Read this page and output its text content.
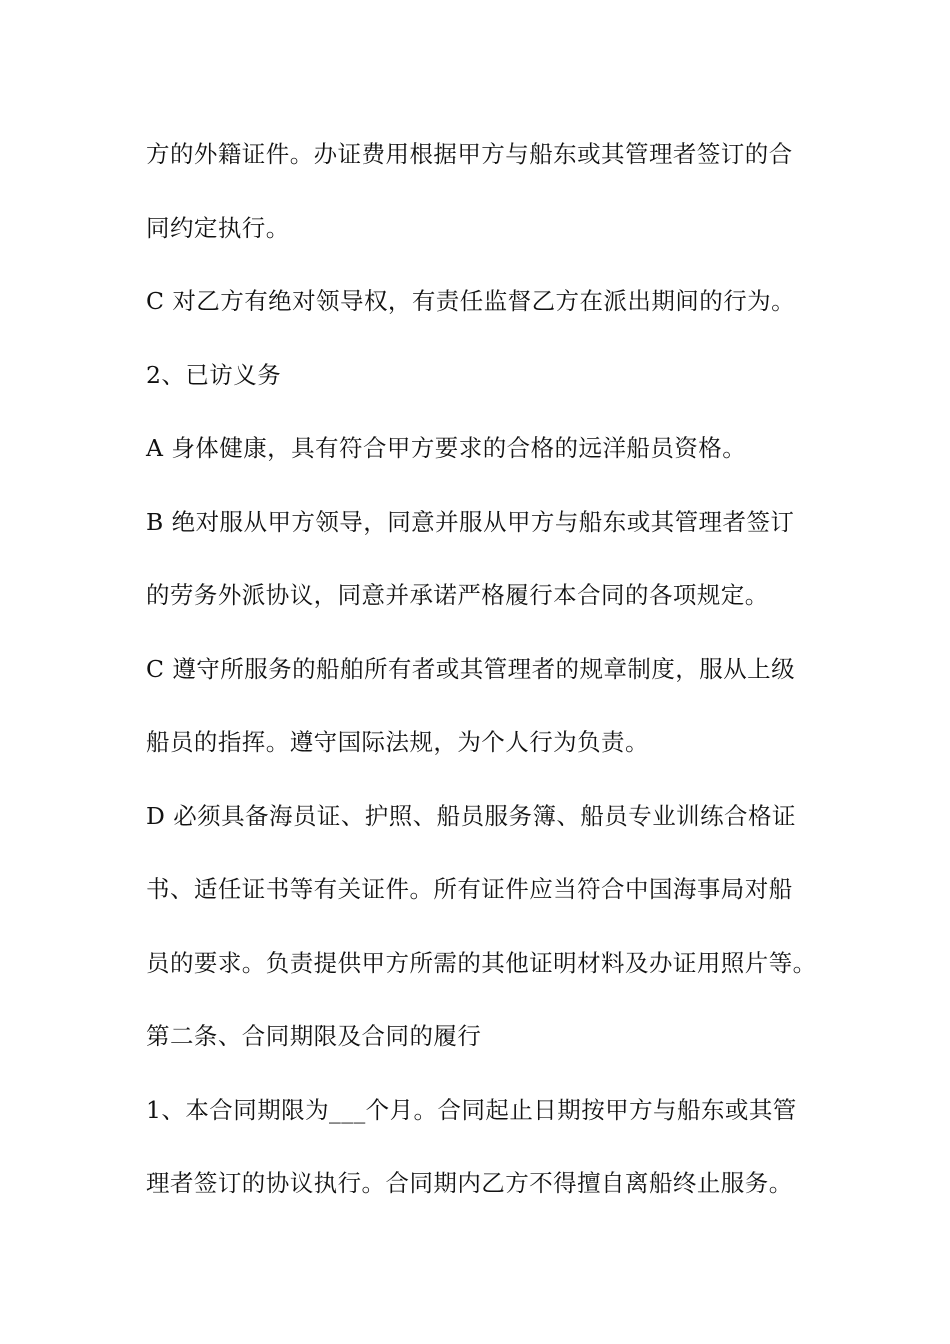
方的外籍证件。办证费用根据甲方与船东或其管理者签订的合

同约定执行。

C 对乙方有绝对领导权，有责任监督乙方在派出期间的行为。

2、已访义务

A 身体健康，具有符合甲方要求的合格的远洋船员资格。

B 绝对服从甲方领导，同意并服从甲方与船东或其管理者签订

的劳务外派协议，同意并承诺严格履行本合同的各项规定。

C 遵守所服务的船舶所有者或其管理者的规章制度，服从上级

船员的指挥。遵守国际法规，为个人行为负责。

D 必须具备海员证、护照、船员服务簿、船员专业训练合格证

书、适任证书等有关证件。所有证件应当符合中国海事局对船

员的要求。负责提供甲方所需的其他证明材料及办证用照片等。

第二条、合同期限及合同的履行

1、本合同期限为___个月。合同起止日期按甲方与船东或其管

理者签订的协议执行。合同期内乙方不得擅自离船终止服务。
